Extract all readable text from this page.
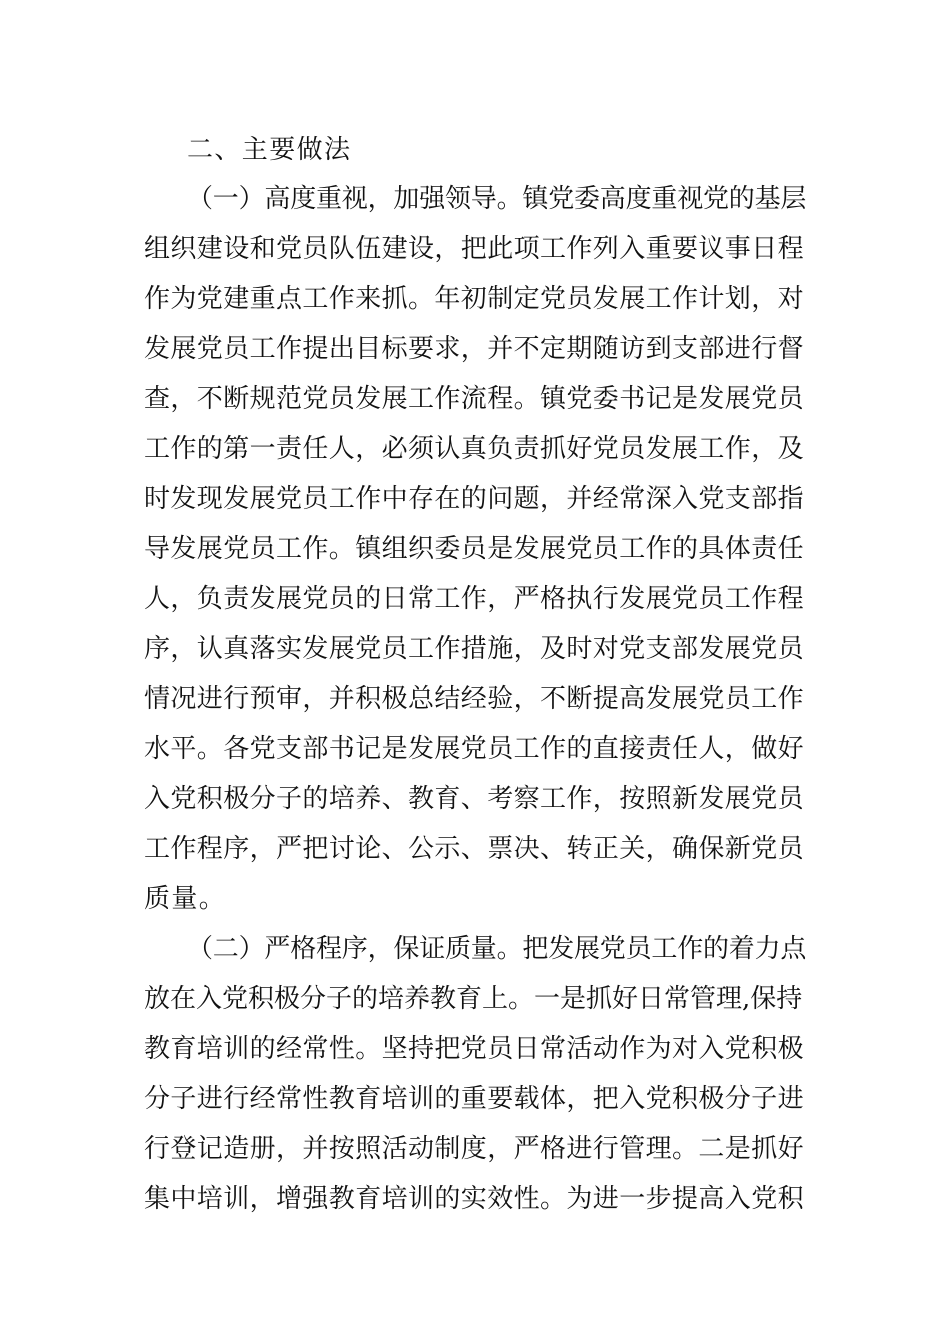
二、主要做法

（一）高度重视，加强领导。镇党委高度重视党的基层

组织建设和党员队伍建设，把此项工作列入重要议事日程

作为党建重点工作来抓。年初制定党员发展工作计划，对

发展党员工作提出目标要求，并不定期随访到支部进行督

查，不断规范党员发展工作流程。镇党委书记是发展党员

工作的第一责任人，必须认真负责抓好党员发展工作，及

时发现发展党员工作中存在的问题，并经常深入党支部指

导发展党员工作。镇组织委员是发展党员工作的具体责任

人，负责发展党员的日常工作，严格执行发展党员工作程

序，认真落实发展党员工作措施，及时对党支部发展党员

情况进行预审，并积极总结经验，不断提高发展党员工作

水平。各党支部书记是发展党员工作的直接责任人，做好

入党积极分子的培养、教育、考察工作，按照新发展党员

工作程序，严把讨论、公示、票决、转正关，确保新党员

质量。

（二）严格程序，保证质量。把发展党员工作的着力点

放在入党积极分子的培养教育上。一是抓好日常管理,保持

教育培训的经常性。坚持把党员日常活动作为对入党积极

分子进行经常性教育培训的重要载体，把入党积极分子进

行登记造册，并按照活动制度，严格进行管理。二是抓好

集中培训，增强教育培训的实效性。为进一步提高入党积
